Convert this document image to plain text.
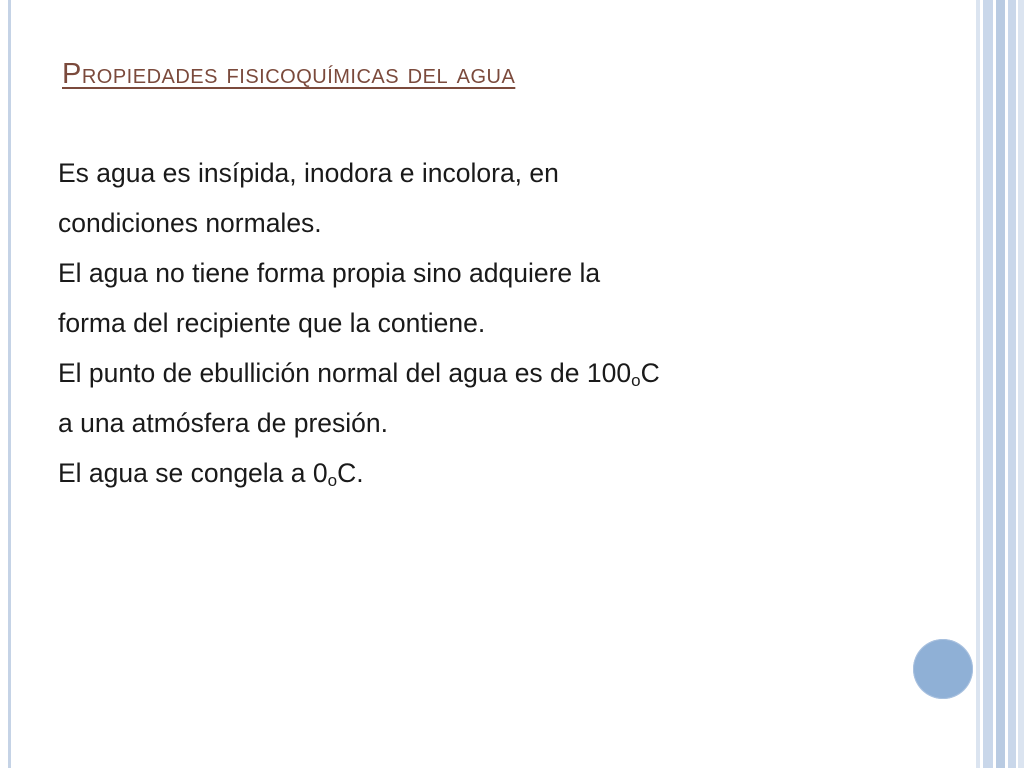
Propiedades fisicoquímicas del agua
Es agua es insípida, inodora e incolora, en
condiciones normales.
El agua no tiene forma propia sino adquiere la
forma del recipiente que la contiene.
El punto de ebullición normal del agua es de 100oC
a una atmósfera de presión.
El agua se congela a 0oC.
